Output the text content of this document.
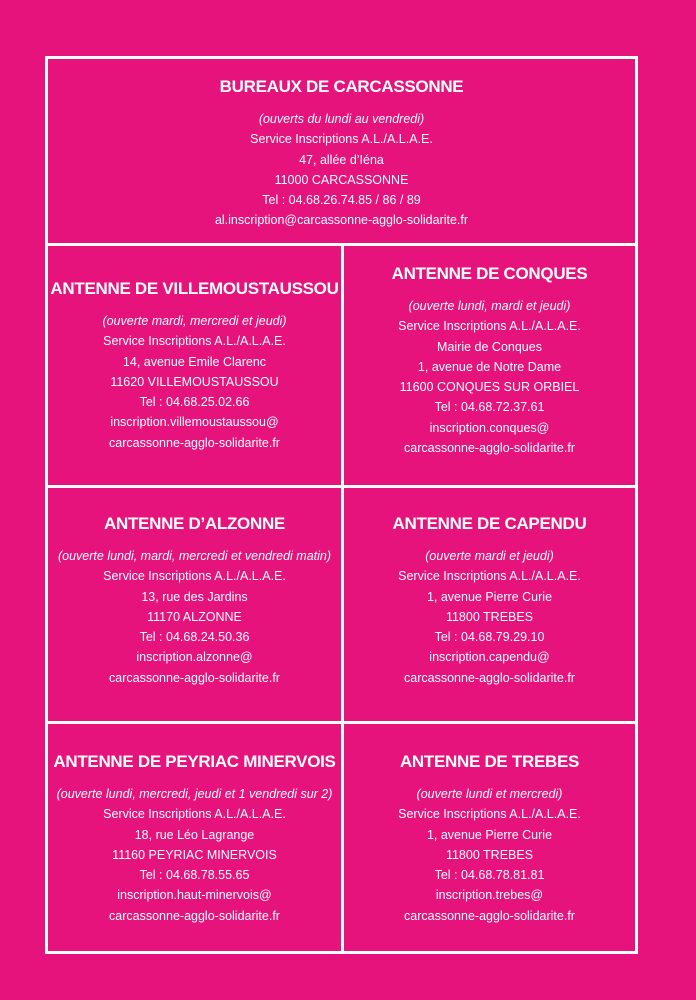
BUREAUX DE CARCASSONNE
(ouverts du lundi au vendredi)
Service Inscriptions A.L./A.L.A.E.
47, allée d’Iéna
11000 CARCASSONNE
Tel : 04.68.26.74.85 / 86 / 89
al.inscription@carcassonne-agglo-solidarite.fr
ANTENNE DE VILLEMOUSTAUSSOU
(ouverte mardi, mercredi et jeudi)
Service Inscriptions A.L./A.L.A.E.
14, avenue Emile Clarenc
11620 VILLEMOUSTAUSSOU
Tel : 04.68.25.02.66
inscription.villemoustaussou@
carcassonne-agglo-solidarite.fr
ANTENNE DE CONQUES
(ouverte lundi, mardi et jeudi)
Service Inscriptions A.L./A.L.A.E.
Mairie de Conques
1, avenue de Notre Dame
11600 CONQUES SUR ORBIEL
Tel : 04.68.72.37.61
inscription.conques@
carcassonne-agglo-solidarite.fr
ANTENNE D’ALZONNE
(ouverte lundi, mardi, mercredi et vendredi matin)
Service Inscriptions A.L./A.L.A.E.
13, rue des Jardins
11170 ALZONNE
Tel : 04.68.24.50.36
inscription.alzonne@
carcassonne-agglo-solidarite.fr
ANTENNE DE CAPENDU
(ouverte mardi et jeudi)
Service Inscriptions A.L./A.L.A.E.
1, avenue Pierre Curie
11800 TREBES
Tel : 04.68.79.29.10
inscription.capendu@
carcassonne-agglo-solidarite.fr
ANTENNE DE PEYRIAC MINERVOIS
(ouverte lundi, mercredi, jeudi et 1 vendredi sur 2)
Service Inscriptions A.L./A.L.A.E.
18, rue Léo Lagrange
11160 PEYRIAC MINERVOIS
Tel : 04.68.78.55.65
inscription.haut-minervois@
carcassonne-agglo-solidarite.fr
ANTENNE DE TREBES
(ouverte lundi et mercredi)
Service Inscriptions A.L./A.L.A.E.
1, avenue Pierre Curie
11800 TREBES
Tel : 04.68.78.81.81
inscription.trebes@
carcassonne-agglo-solidarite.fr
